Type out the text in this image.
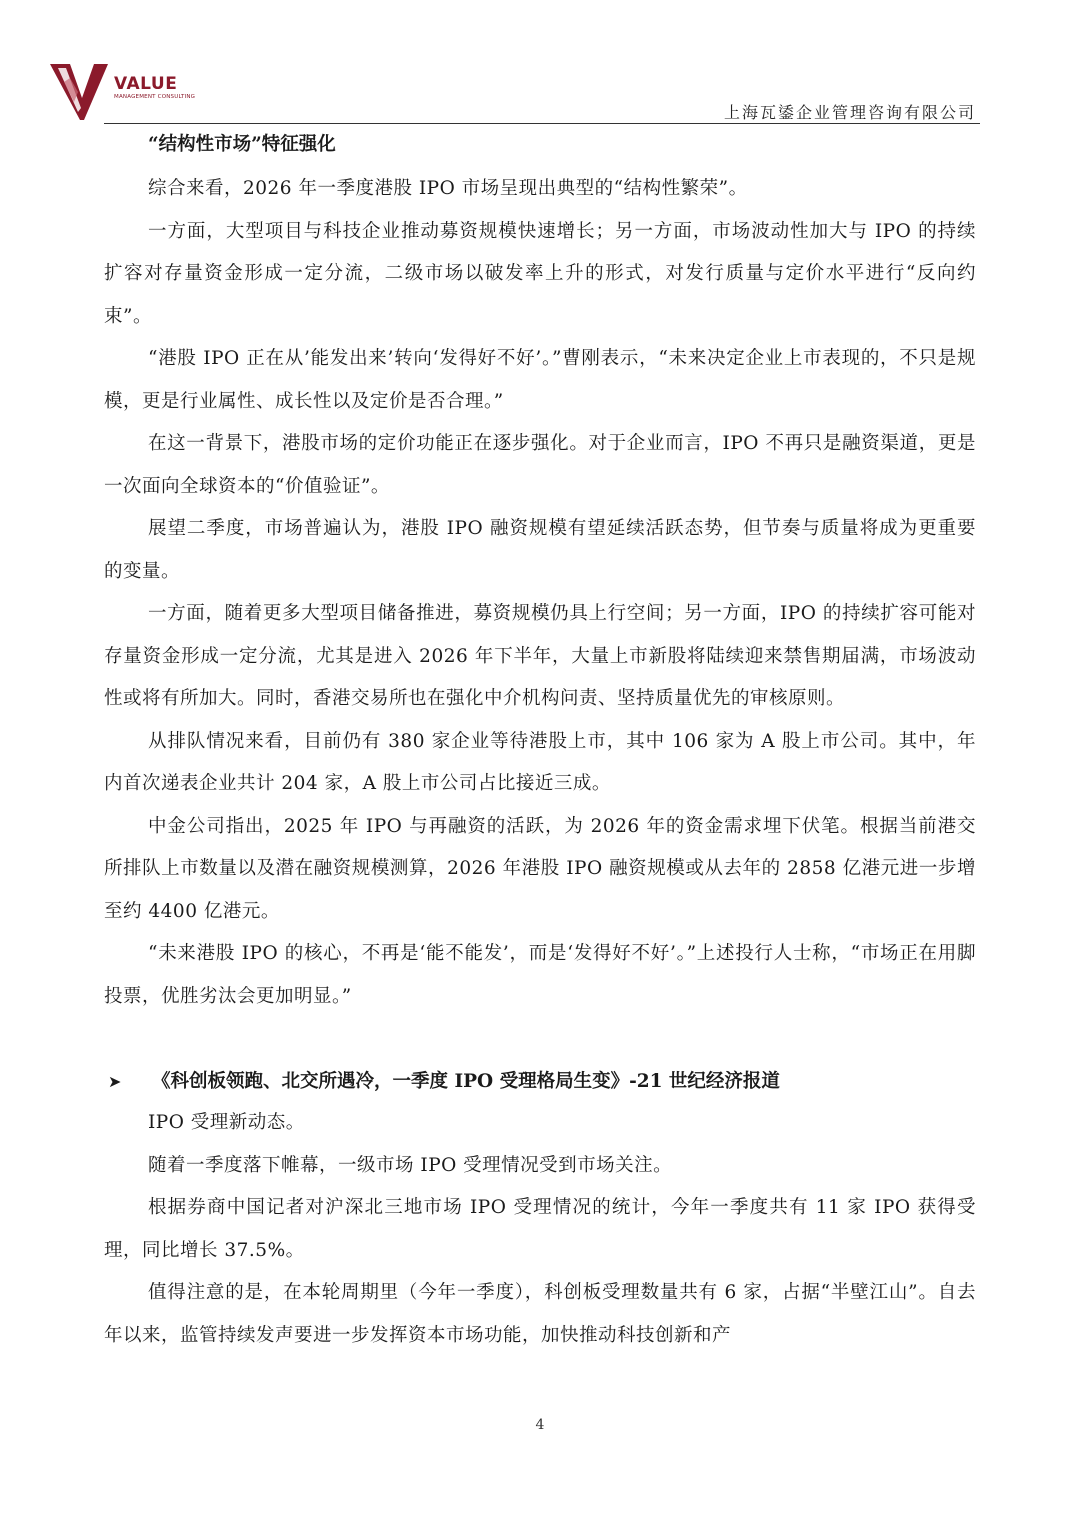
VALUE
MANAGEMENT CONSULTING
上海瓦鋈企业管理咨询有限公司
“结构性市场”特征强化

综合来看，2026 年一季度港股 IPO 市场呈现出典型的“结构性繁荣”。

一方面，大型项目与科技企业推动募资规模快速增长；另一方面，市场波动性加大与 IPO 的持续扩容对存量资金形成一定分流，二级市场以破发率上升的形式，对发行质量与定价水平进行“反向约束”。

“港股 IPO 正在从’能发出来’转向‘发得好不好’。”曹刚表示，“未来决定企业上市表现的，不只是规模，更是行业属性、成长性以及定价是否合理。”

在这一背景下，港股市场的定价功能正在逐步强化。对于企业而言，IPO 不再只是融资渠道，更是一次面向全球资本的“价值验证”。

展望二季度，市场普遍认为，港股 IPO 融资规模有望延续活跃态势，但节奏与质量将成为更重要的变量。

一方面，随着更多大型项目储备推进，募资规模仍具上行空间；另一方面，IPO 的持续扩容可能对存量资金形成一定分流，尤其是进入 2026 年下半年，大量上市新股将陆续迎来禁售期届满，市场波动性或将有所加大。同时，香港交易所也在强化中介机构问责、坚持质量优先的审核原则。

从排队情况来看，目前仍有 380 家企业等待港股上市，其中 106 家为 A 股上市公司。其中，年内首次递表企业共计 204 家，A 股上市公司占比接近三成。

中金公司指出，2025 年 IPO 与再融资的活跃，为 2026 年的资金需求埋下伏笔。根据当前港交所排队上市数量以及潜在融资规模测算，2026 年港股 IPO 融资规模或从去年的 2858 亿港元进一步增至约 4400 亿港元。

“未来港股 IPO 的核心，不再是‘能不能发’，而是‘发得好不好’。”上述投行人士称，“市场正在用脚投票，优胜劣汰会更加明显。”

➤ 《科创板领跑、北交所遇冷，一季度 IPO 受理格局生变》-21 世纪经济报道

IPO 受理新动态。

随着一季度落下帷幕，一级市场 IPO 受理情况受到市场关注。

根据券商中国记者对沪深北三地市场 IPO 受理情况的统计，今年一季度共有 11 家 IPO 获得受理，同比增长 37.5%。

值得注意的是，在本轮周期里（今年一季度），科创板受理数量共有 6 家，占据“半壁江山”。自去年以来，监管持续发声要进一步发挥资本市场功能，加快推动科技创新和产

4
